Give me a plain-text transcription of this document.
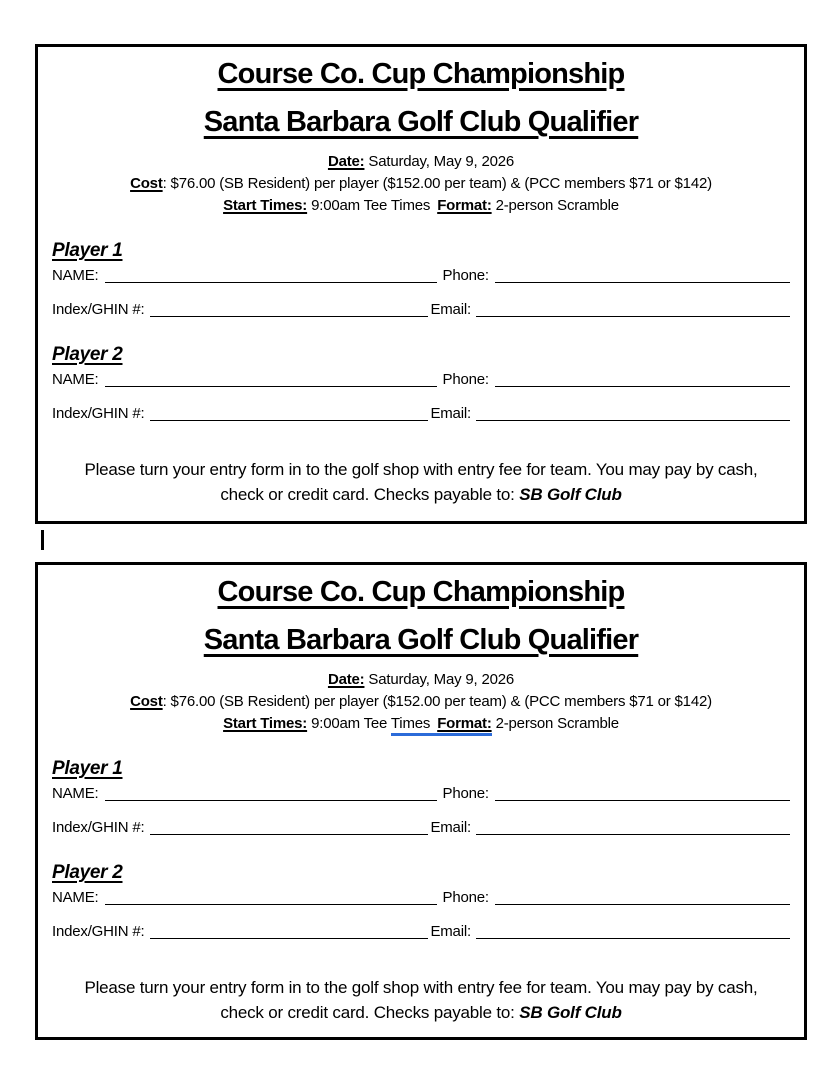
Course Co. Cup Championship
Santa Barbara Golf Club Qualifier
Date: Saturday, May 9, 2026
Cost: $76.00 (SB Resident) per player ($152.00 per team) & (PCC members $71 or $142)
Start Times: 9:00am Tee Times Format: 2-person Scramble
Player 1
NAME:	Phone:
Index/GHIN #:	Email:
Player 2
NAME:	Phone:
Index/GHIN #:	Email:
Please turn your entry form in to the golf shop with entry fee for team. You may pay by cash,
check or credit card. Checks payable to: SB Golf Club
Course Co. Cup Championship
Santa Barbara Golf Club Qualifier
Date: Saturday, May 9, 2026
Cost: $76.00 (SB Resident) per player ($152.00 per team) & (PCC members $71 or $142)
Start Times: 9:00am Tee Times Format: 2-person Scramble
Player 1
NAME:	Phone:
Index/GHIN #:	Email:
Player 2
NAME:	Phone:
Index/GHIN #:	Email:
Please turn your entry form in to the golf shop with entry fee for team. You may pay by cash,
check or credit card. Checks payable to: SB Golf Club
